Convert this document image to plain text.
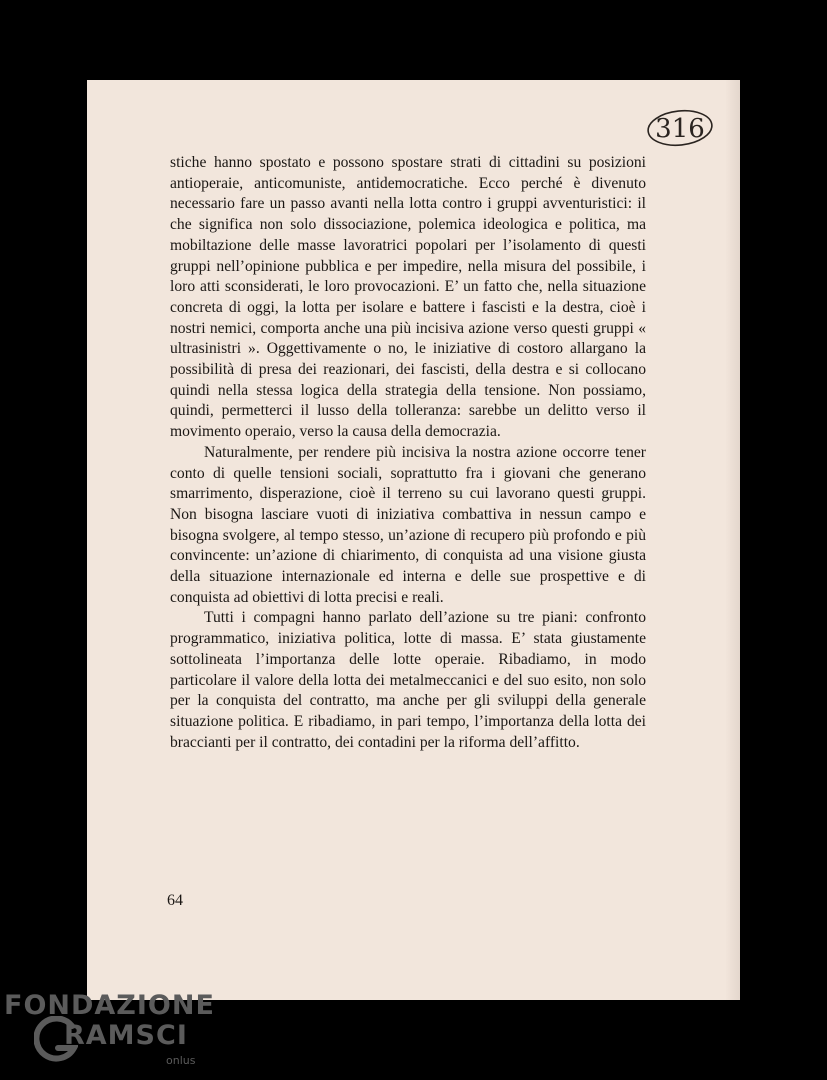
stiche hanno spostato e possono spostare strati di cittadini su posizioni antioperaie, anticomuniste, antidemocratiche. Ecco perché è divenuto necessario fare un passo avanti nella lotta contro i gruppi avventuristici: il che significa non solo dissociazione, polemica ideologica e politica, ma mobiltazione delle masse lavoratrici popolari per l’isolamento di questi gruppi nell’opinione pubblica e per impedire, nella misura del possibile, i loro atti sconsiderati, le loro provocazioni. E’ un fatto che, nella situazione concreta di oggi, la lotta per isolare e battere i fascisti e la destra, cioè i nostri nemici, comporta anche una più incisiva azione verso questi gruppi « ultrasinistri ». Oggettivamente o no, le iniziative di costoro allargano la possibilità di presa dei reazionari, dei fascisti, della destra e si collocano quindi nella stessa logica della strategia della tensione. Non possiamo, quindi, permetterci il lusso della tolleranza: sarebbe un delitto verso il movimento operaio, verso la causa della democrazia.

Naturalmente, per rendere più incisiva la nostra azione occorre tener conto di quelle tensioni sociali, soprattutto fra i giovani che generano smarrimento, disperazione, cioè il terreno su cui lavorano questi gruppi. Non bisogna lasciare vuoti di iniziativa combattiva in nessun campo e bisogna svolgere, al tempo stesso, un’azione di recupero più profondo e più convincente: un’azione di chiarimento, di conquista ad una visione giusta della situazione internazionale ed interna e delle sue prospettive e di conquista ad obiettivi di lotta precisi e reali.

Tutti i compagni hanno parlato dell’azione su tre piani: confronto programmatico, iniziativa politica, lotte di massa. E’ stata giustamente sottolineata l’importanza delle lotte operaie. Ribadiamo, in modo particolare il valore della lotta dei metalmeccanici e del suo esito, non solo per la conquista del contratto, ma anche per gli sviluppi della generale situazione politica. E ribadiamo, in pari tempo, l’importanza della lotta dei braccianti per il contratto, dei contadini per la riforma dell’affitto.

64
316
FONDAZIONE
RAMSCI
onlus
